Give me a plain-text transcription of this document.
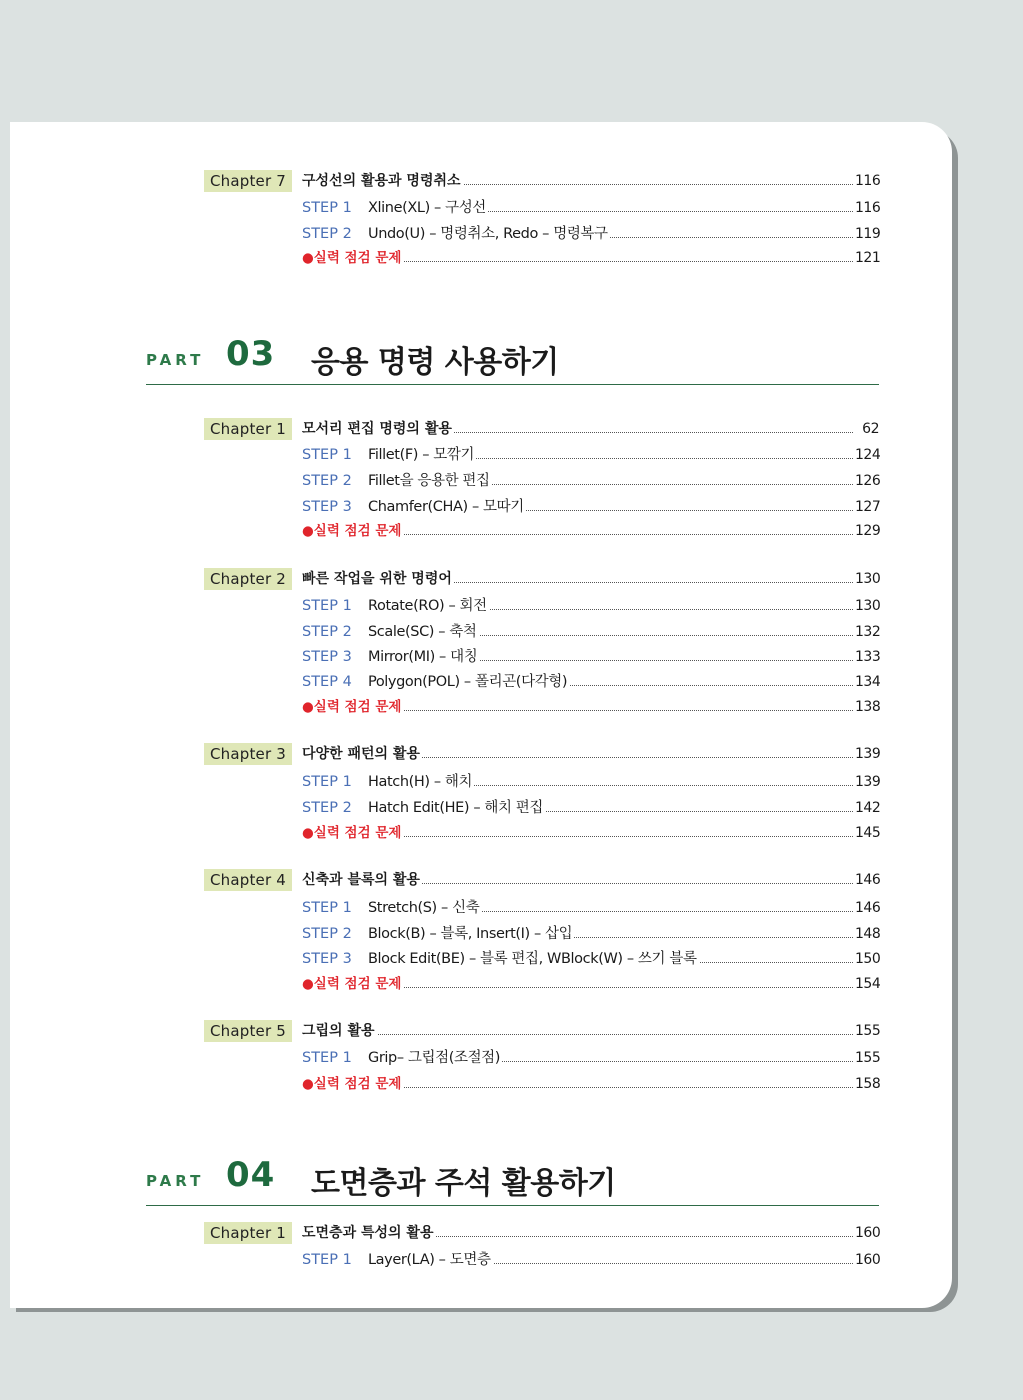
Chapter 7	구성선의 활용과 명령취소	116
STEP 1 Xline(XL) – 구성선	116
STEP 2 Undo(U) – 명령취소, Redo – 명령복구	119
●실력 점검 문제	121
PART 03 응용 명령 사용하기
Chapter 1	모서리 편집 명령의 활용	62
STEP 1 Fillet(F) – 모깎기	124
STEP 2 Fillet을 응용한 편집	126
STEP 3 Chamfer(CHA) – 모따기	127
●실력 점검 문제	129
Chapter 2	빠른 작업을 위한 명령어	130
STEP 1 Rotate(RO) – 회전	130
STEP 2 Scale(SC) – 축척	132
STEP 3 Mirror(MI) – 대칭	133
STEP 4 Polygon(POL) – 폴리곤(다각형)	134
●실력 점검 문제	138
Chapter 3	다양한 패턴의 활용	139
STEP 1 Hatch(H) – 해치	139
STEP 2 Hatch Edit(HE) – 해치 편집	142
●실력 점검 문제	145
Chapter 4	신축과 블록의 활용	146
STEP 1 Stretch(S) – 신축	146
STEP 2 Block(B) – 블록, Insert(I) – 삽입	148
STEP 3 Block Edit(BE) – 블록 편집, WBlock(W) – 쓰기 블록	150
●실력 점검 문제	154
Chapter 5	그립의 활용	155
STEP 1 Grip– 그립점(조절점)	155
●실력 점검 문제	158
PART 04 도면층과 주석 활용하기
Chapter 1	도면층과 특성의 활용	160
STEP 1 Layer(LA) – 도면층	160
